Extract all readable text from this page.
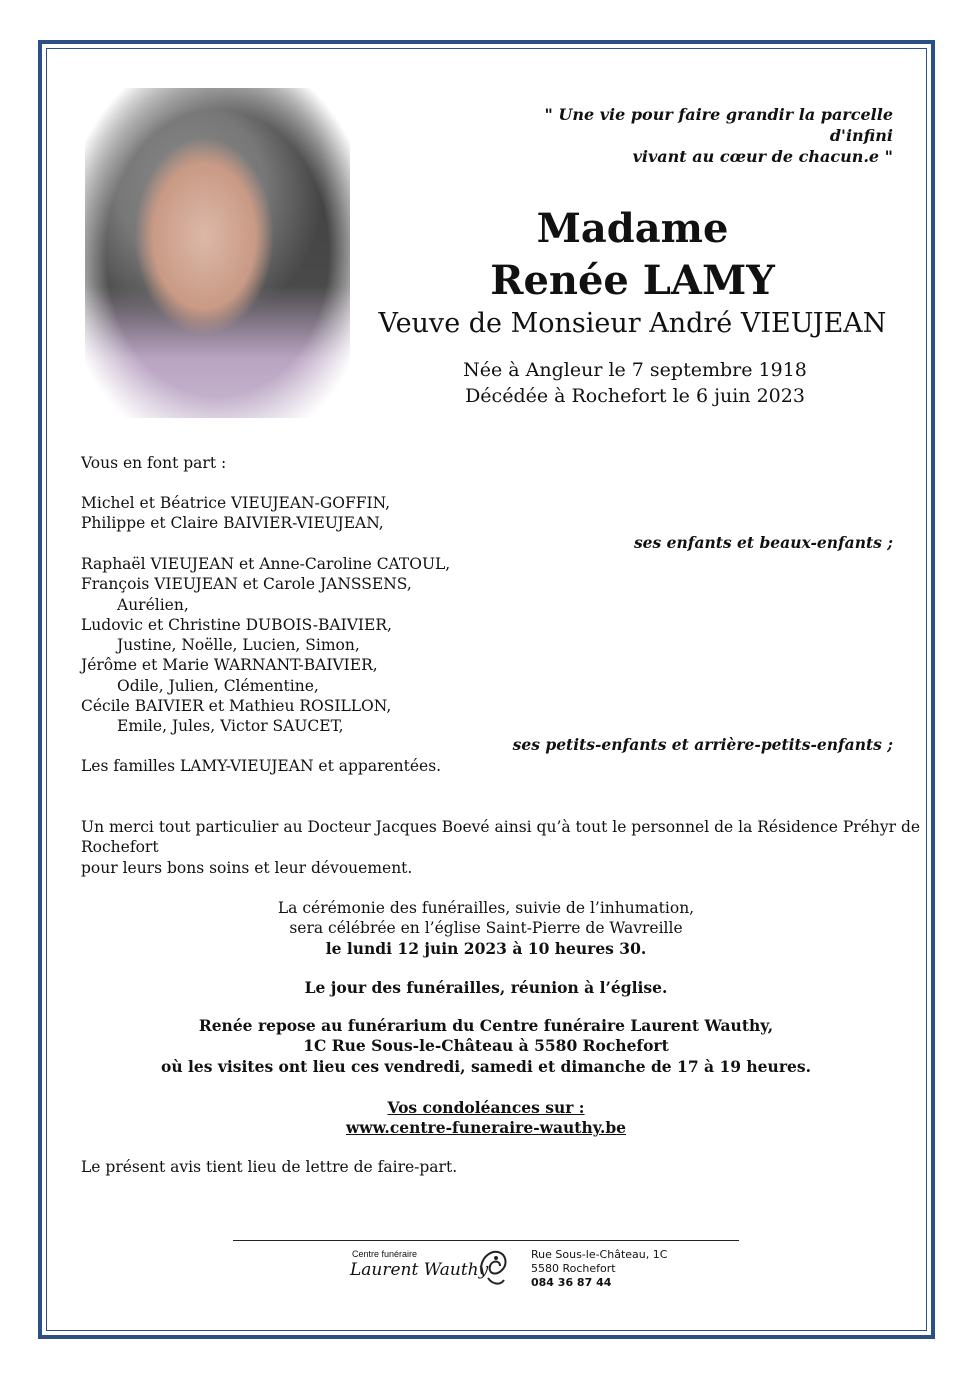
" Une vie pour faire grandir la parcelle d'infini
vivant au cœur de chacun.e "
Madame
Renée LAMY
Veuve de Monsieur André VIEUJEAN
Née à Angleur le 7 septembre 1918
Décédée à Rochefort le 6 juin 2023
Vous en font part :
Michel et Béatrice VIEUJEAN-GOFFIN,
Philippe et Claire BAIVIER-VIEUJEAN,
ses enfants et beaux-enfants ;
Raphaël VIEUJEAN et Anne-Caroline CATOUL,
François VIEUJEAN et Carole JANSSENS,
Aurélien,
Ludovic et Christine DUBOIS-BAIVIER,
Justine, Noëlle, Lucien, Simon,
Jérôme et Marie WARNANT-BAIVIER,
Odile, Julien, Clémentine,
Cécile BAIVIER et Mathieu ROSILLON,
Emile, Jules, Victor SAUCET,
ses petits-enfants et arrière-petits-enfants ;
Les familles LAMY-VIEUJEAN et apparentées.
Un merci tout particulier au Docteur Jacques Boevé ainsi qu’à tout le personnel de la Résidence Préhyr de Rochefort
pour leurs bons soins et leur dévouement.
La cérémonie des funérailles, suivie de l’inhumation,
sera célébrée en l’église Saint-Pierre de Wavreille
le lundi 12 juin 2023 à 10 heures 30.
Le jour des funérailles, réunion à l’église.
Renée repose au funérarium du Centre funéraire Laurent Wauthy,
1C Rue Sous-le-Château à 5580 Rochefort
où les visites ont lieu ces vendredi, samedi et dimanche de 17 à 19 heures.
Vos condoléances sur :
www.centre-funeraire-wauthy.be
Le présent avis tient lieu de lettre de faire-part.
Centre funéraire
Laurent Wauthy
Rue Sous-le-Château, 1C
5580 Rochefort
084 36 87 44
